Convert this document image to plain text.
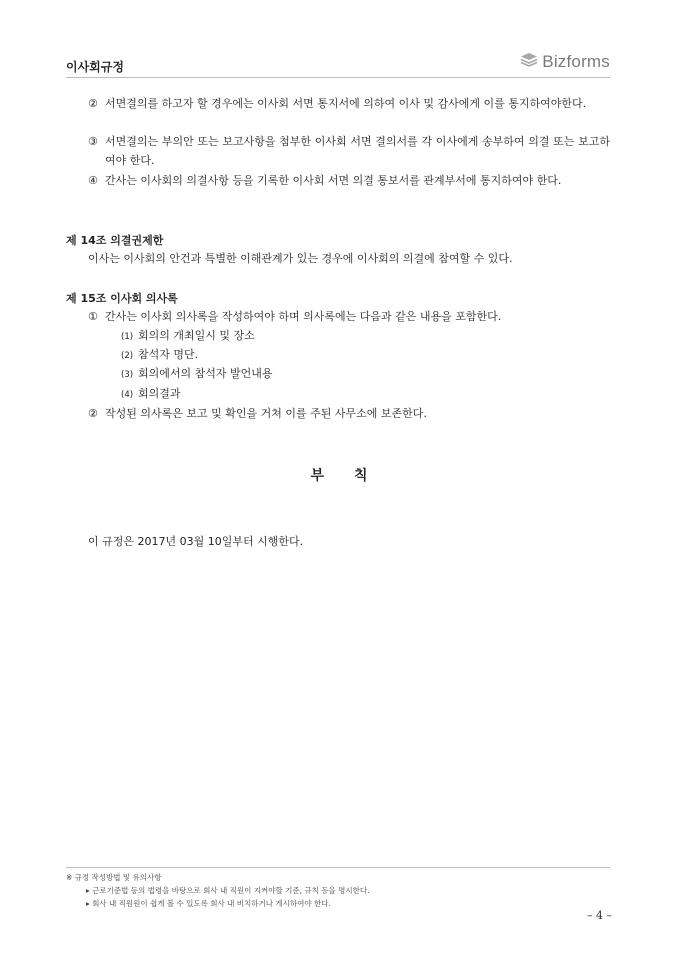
이사회규정	Bizforms
② 서면결의를 하고자 할 경우에는 이사회 서면 통지서에 의하여 이사 및 감사에게 이를 통지하여야한다.
③ 서면결의는 부의안 또는 보고사항을 첨부한 이사회 서면 결의서를 각 이사에게 송부하여 의결 또는 보고하여야 한다.
④ 간사는 이사회의 의결사항 등을 기록한 이사회 서면 의결 통보서를 관계부서에 통지하여야 한다.
제 14조 의결권제한
이사는 이사회의 안건과 특별한 이해관계가 있는 경우에 이사회의 의결에 참여할 수 있다.
제 15조 이사회 의사록
① 간사는 이사회 의사록을 작성하여야 하며 의사록에는 다음과 같은 내용을 포함한다.
(1) 회의의 개최일시 및 장소
(2) 참석자 명단.
(3) 회의에서의 참석자 발언내용
(4) 회의결과
② 작성된 의사록은 보고 및 확인을 거쳐 이를 주된 사무소에 보존한다.
부 칙
이 규정은 2017년 03월 10일부터 시행한다.
※ 규정 작성방법 및 유의사항
▸ 근로기준법 등의 법령을 바탕으로 회사 내 직원이 지켜야할 기준, 규칙 등을 명시한다.
▸ 회사 내 직원원이 쉽게 볼 수 있도록 회사 내 비치하거나 게시하여야 한다.
– 4 –
